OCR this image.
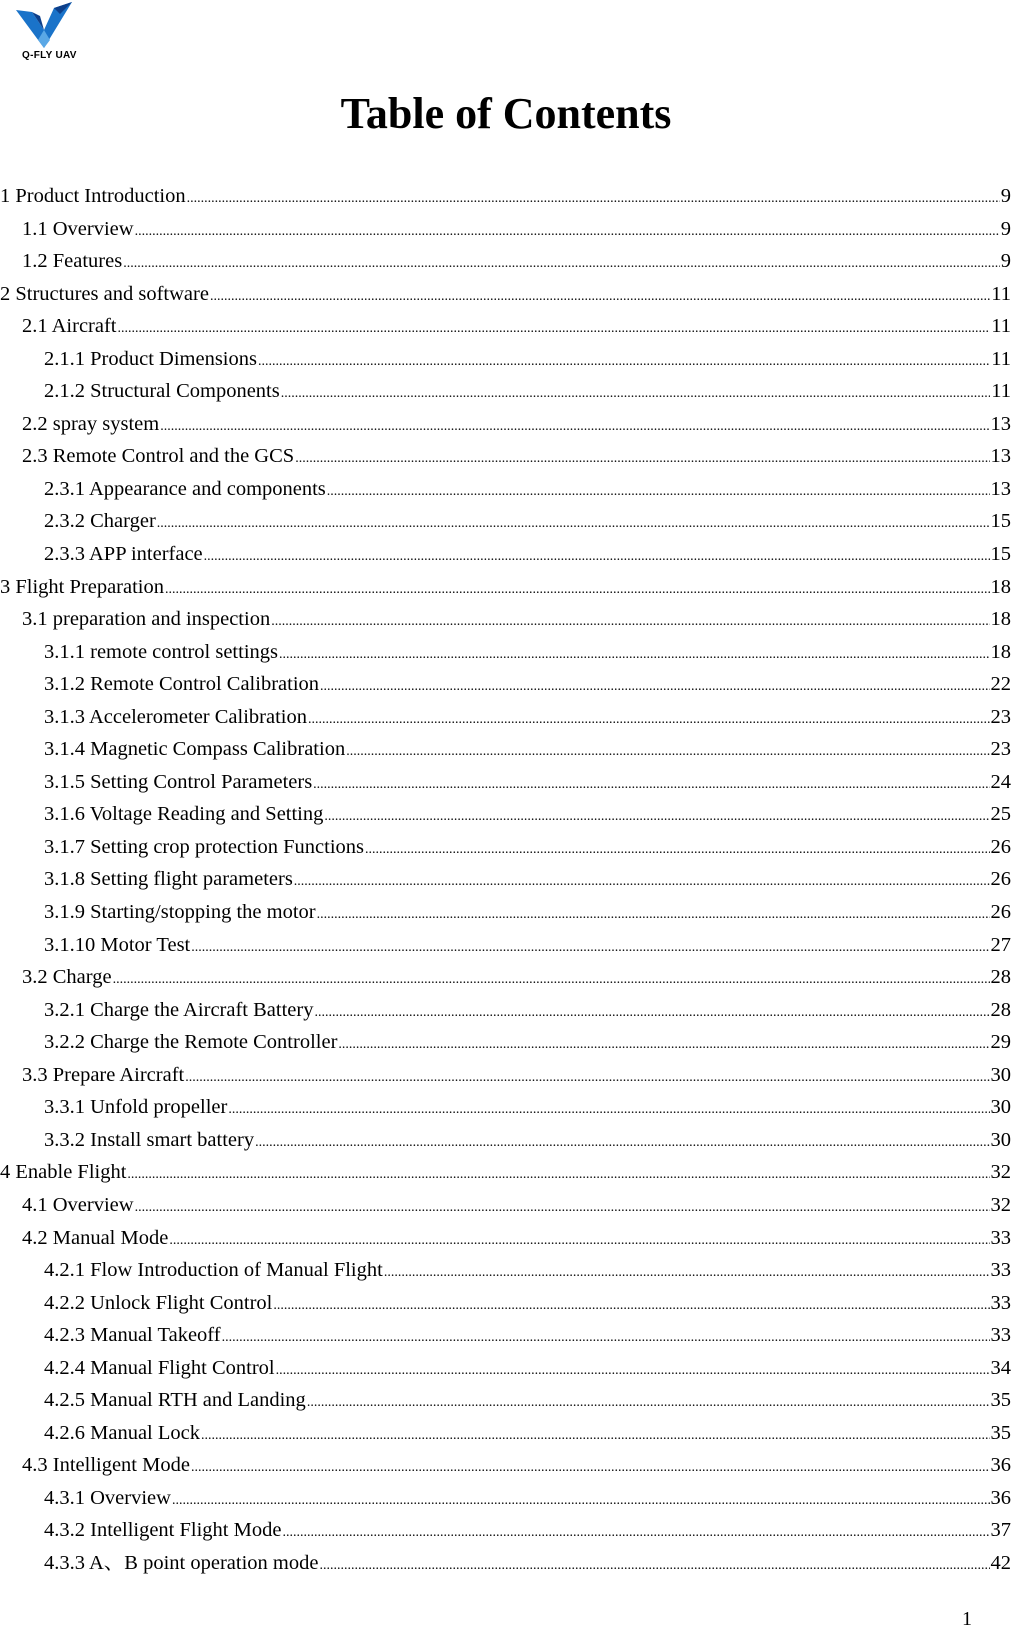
Q-FLY UAV
Table of Contents
1 Product Introduction .....	9
1.1 Overview .....	9
1.2 Features .....	9
2 Structures and software .....	11
2.1 Aircraft .....	11
2.1.1 Product Dimensions .....	11
2.1.2 Structural Components .....	11
2.2 spray system .....	13
2.3 Remote Control and the GCS .....	13
2.3.1 Appearance and components .....	13
2.3.2 Charger .....	15
2.3.3 APP interface .....	15
3 Flight Preparation .....	18
3.1 preparation and inspection .....	18
3.1.1 remote control settings .....	18
3.1.2 Remote Control Calibration .....	22
3.1.3 Accelerometer Calibration .....	23
3.1.4 Magnetic Compass Calibration .....	23
3.1.5 Setting Control Parameters .....	24
3.1.6 Voltage Reading and Setting .....	25
3.1.7 Setting crop protection Functions .....	26
3.1.8 Setting flight parameters .....	26
3.1.9 Starting/stopping the motor .....	26
3.1.10 Motor Test .....	27
3.2 Charge .....	28
3.2.1 Charge the Aircraft Battery .....	28
3.2.2 Charge the Remote Controller .....	29
3.3 Prepare Aircraft .....	30
3.3.1 Unfold propeller .....	30
3.3.2 Install smart battery .....	30
4 Enable Flight .....	32
4.1 Overview .....	32
4.2 Manual Mode .....	33
4.2.1 Flow Introduction of Manual Flight .....	33
4.2.2 Unlock Flight Control .....	33
4.2.3 Manual Takeoff .....	33
4.2.4 Manual Flight Control .....	34
4.2.5 Manual RTH and Landing .....	35
4.2.6 Manual Lock .....	35
4.3 Intelligent Mode .....	36
4.3.1 Overview .....	36
4.3.2 Intelligent Flight Mode .....	37
4.3.3 A、B point operation mode .....	42
1
